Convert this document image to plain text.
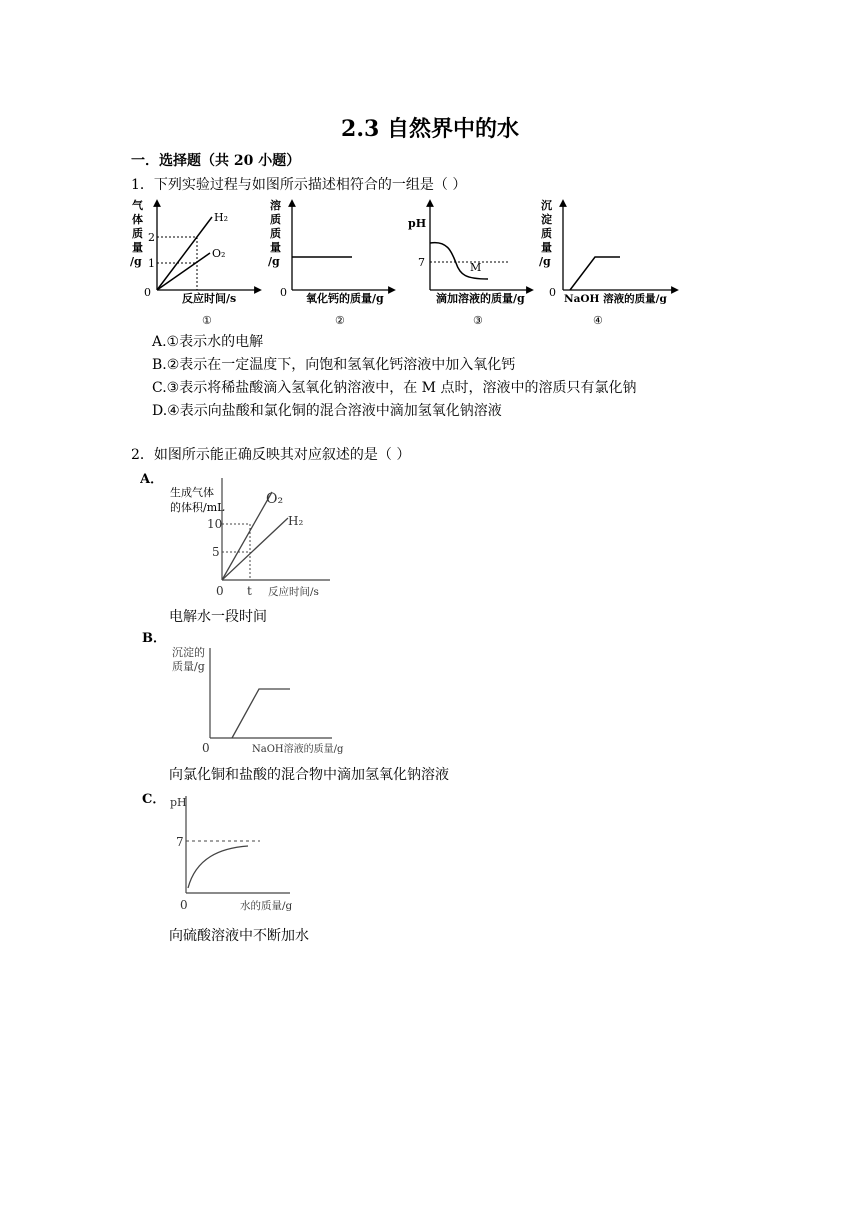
2.3 自然界中的水
一．选择题（共 20 小题）
1．下列实验过程与如图所示描述相符合的一组是（ ）
气
体
质
量
/g
2
1
0
H₂
O₂
反应时间/s
①
溶
质
质
量
/g
0 氧化钙的质量/g
②
pH
7	M
滴加溶液的质量/g
③
沉
淀
质
量
/g
0 NaOH 溶液的质量/g
④
A.①表示水的电解
B.②表示在一定温度下，向饱和氢氧化钙溶液中加入氧化钙
C.③表示将稀盐酸滴入氢氧化钠溶液中，在 M 点时，溶液中的溶质只有氯化钠
D.④表示向盐酸和氯化铜的混合溶液中滴加氢氧化钠溶液
2．如图所示能正确反映其对应叙述的是（ ）
A．
生成气体
的体积/mL
10
5
0 t 反应时间/s
O₂
H₂
电解水一段时间
B．
沉淀的
质量/g
0	NaOH溶液的质量/g
向氯化铜和盐酸的混合物中滴加氢氧化钠溶液
C． pH
7
0	水的质量/g
向硫酸溶液中不断加水
